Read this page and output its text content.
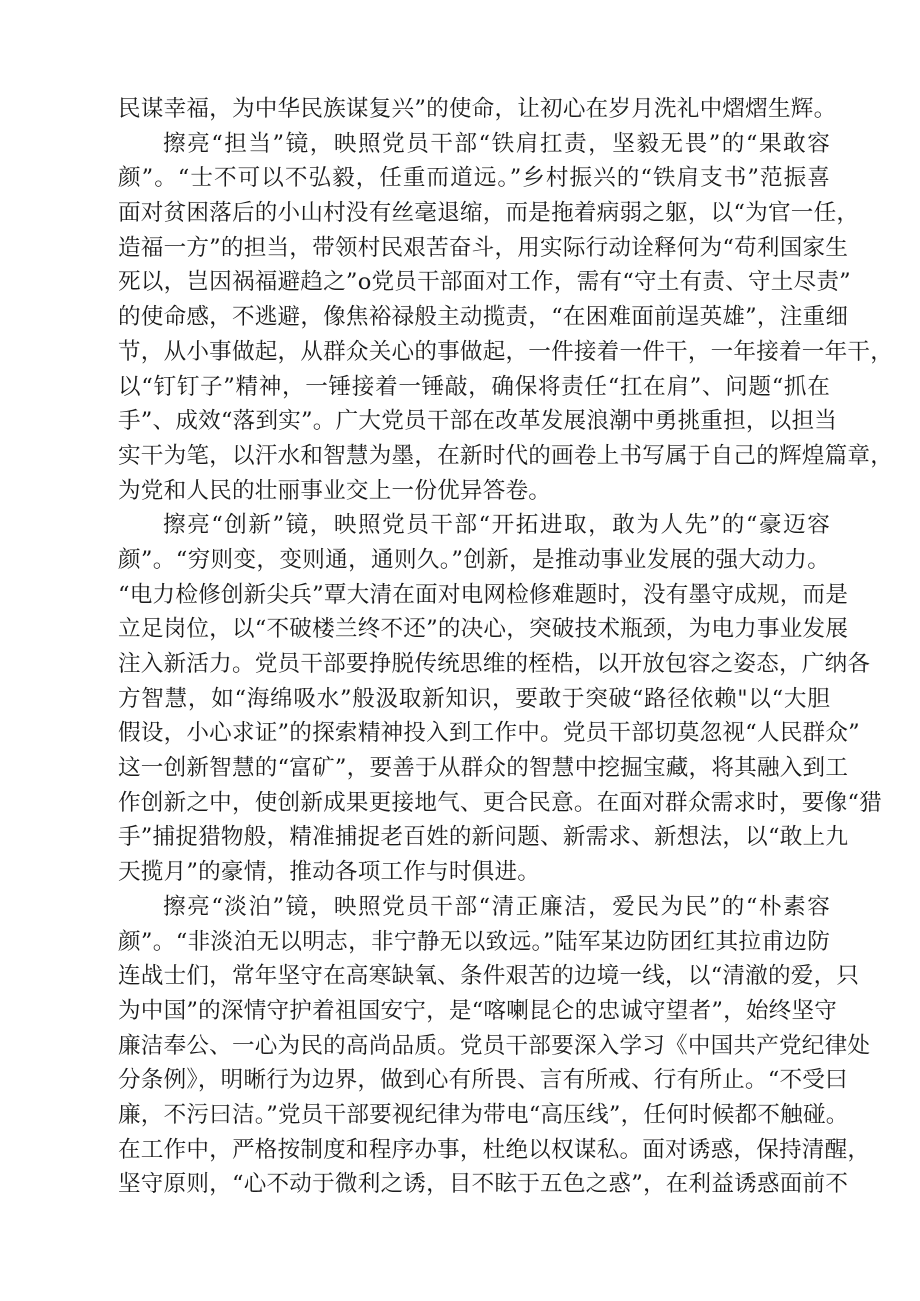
民谋幸福，为中华民族谋复兴”的使命，让初心在岁月洗礼中熠熠生辉。
擦亮“担当”镜，映照党员干部“铁肩扛责，坚毅无畏”的“果敢容
颜”。“士不可以不弘毅，任重而道远。”乡村振兴的“铁肩支书”范振喜
面对贫困落后的小山村没有丝毫退缩，而是拖着病弱之躯，以“为官一任，
造福一方”的担当，带领村民艰苦奋斗，用实际行动诠释何为“苟利国家生
死以，岂因祸福避趋之”o党员干部面对工作，需有“守土有责、守土尽责”
的使命感，不逃避，像焦裕禄般主动揽责，“在困难面前逞英雄”，注重细
节，从小事做起，从群众关心的事做起，一件接着一件干，一年接着一年干，
以“钉钉子”精神，一锤接着一锤敲，确保将责任“扛在肩”、问题“抓在
手”、成效“落到实”。广大党员干部在改革发展浪潮中勇挑重担，以担当
实干为笔，以汗水和智慧为墨，在新时代的画卷上书写属于自己的辉煌篇章，
为党和人民的壮丽事业交上一份优异答卷。
擦亮“创新”镜，映照党员干部“开拓进取，敢为人先”的“豪迈容
颜”。“穷则变，变则通，通则久。”创新，是推动事业发展的强大动力。
“电力检修创新尖兵”覃大清在面对电网检修难题时，没有墨守成规，而是
立足岗位，以“不破楼兰终不还”的决心，突破技术瓶颈，为电力事业发展
注入新活力。党员干部要挣脱传统思维的桎梏，以开放包容之姿态，广纳各
方智慧，如“海绵吸水”般汲取新知识，要敢于突破“路径依赖"以“大胆
假设，小心求证”的探索精神投入到工作中。党员干部切莫忽视“人民群众”
这一创新智慧的“富矿”，要善于从群众的智慧中挖掘宝藏，将其融入到工
作创新之中，使创新成果更接地气、更合民意。在面对群众需求时，要像“猎
手”捕捉猎物般，精准捕捉老百姓的新问题、新需求、新想法，以“敢上九
天揽月”的豪情，推动各项工作与时俱进。
擦亮“淡泊”镜，映照党员干部“清正廉洁，爱民为民”的“朴素容
颜”。“非淡泊无以明志，非宁静无以致远。”陆军某边防团红其拉甫边防
连战士们，常年坚守在高寒缺氧、条件艰苦的边境一线，以“清澈的爱，只
为中国”的深情守护着祖国安宁，是“喀喇昆仑的忠诚守望者”，始终坚守
廉洁奉公、一心为民的高尚品质。党员干部要深入学习《中国共产党纪律处
分条例》，明晰行为边界，做到心有所畏、言有所戒、行有所止。“不受曰
廉，不污曰洁。”党员干部要视纪律为带电“高压线”，任何时候都不触碰。
在工作中，严格按制度和程序办事，杜绝以权谋私。面对诱惑，保持清醒，
坚守原则，“心不动于微利之诱，目不眩于五色之惑”，在利益诱惑面前不
